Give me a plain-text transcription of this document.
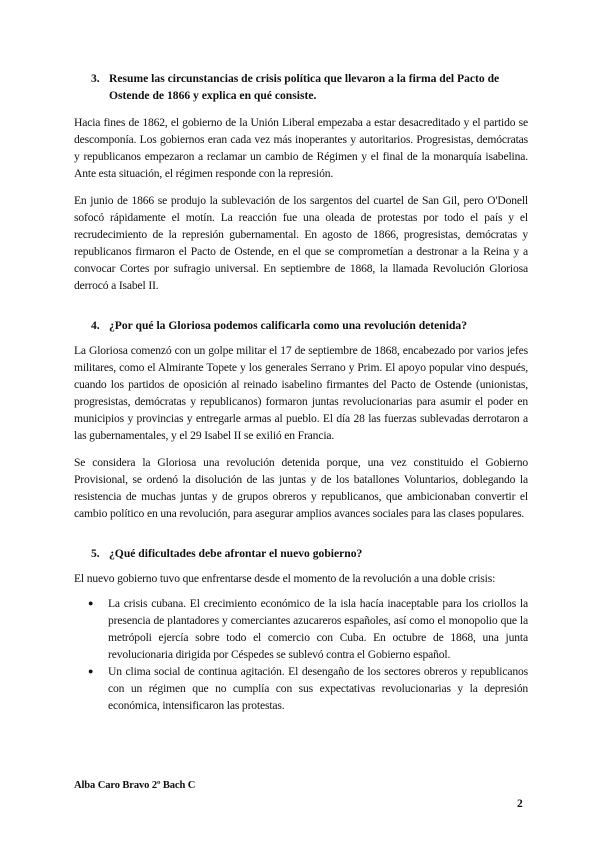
3. Resume las circunstancias de crisis política que llevaron a la firma del Pacto de Ostende de 1866 y explica en qué consiste.

Hacia fines de 1862, el gobierno de la Unión Liberal empezaba a estar desacreditado y el partido se descomponía. Los gobiernos eran cada vez más inoperantes y autoritarios. Progresistas, demócratas y republicanos empezaron a reclamar un cambio de Régimen y el final de la monarquía isabelina. Ante esta situación, el régimen responde con la represión.

En junio de 1866 se produjo la sublevación de los sargentos del cuartel de San Gil, pero O'Donell sofocó rápidamente el motín. La reacción fue una oleada de protestas por todo el país y el recrudecimiento de la represión gubernamental. En agosto de 1866, progresistas, demócratas y republicanos firmaron el Pacto de Ostende, en el que se comprometían a destronar a la Reina y a convocar Cortes por sufragio universal. En septiembre de 1868, la llamada Revolución Gloriosa derrocó a Isabel II.

4. ¿Por qué la Gloriosa podemos calificarla como una revolución detenida?

La Gloriosa comenzó con un golpe militar el 17 de septiembre de 1868, encabezado por varios jefes militares, como el Almirante Topete y los generales Serrano y Prim. El apoyo popular vino después, cuando los partidos de oposición al reinado isabelino firmantes del Pacto de Ostende (unionistas, progresistas, demócratas y republicanos) formaron juntas revolucionarias para asumir el poder en municipios y provincias y entregarle armas al pueblo. El día 28 las fuerzas sublevadas derrotaron a las gubernamentales, y el 29 Isabel II se exilió en Francia.

Se considera la Gloriosa una revolución detenida porque, una vez constituido el Gobierno Provisional, se ordenó la disolución de las juntas y de los batallones Voluntarios, doblegando la resistencia de muchas juntas y de grupos obreros y republicanos, que ambicionaban convertir el cambio político en una revolución, para asegurar amplios avances sociales para las clases populares.

5. ¿Qué dificultades debe afrontar el nuevo gobierno?

El nuevo gobierno tuvo que enfrentarse desde el momento de la revolución a una doble crisis:

●	La crisis cubana. El crecimiento económico de la isla hacía inaceptable para los criollos la presencia de plantadores y comerciantes azucareros españoles, así como el monopolio que la metrópoli ejercía sobre todo el comercio con Cuba. En octubre de 1868, una junta revolucionaria dirigida por Céspedes se sublevó contra el Gobierno español.
●	Un clima social de continua agitación. El desengaño de los sectores obreros y republicanos con un régimen que no cumplía con sus expectativas revolucionarias y la depresión económica, intensificaron las protestas.
Alba Caro Bravo 2º Bach C
2
